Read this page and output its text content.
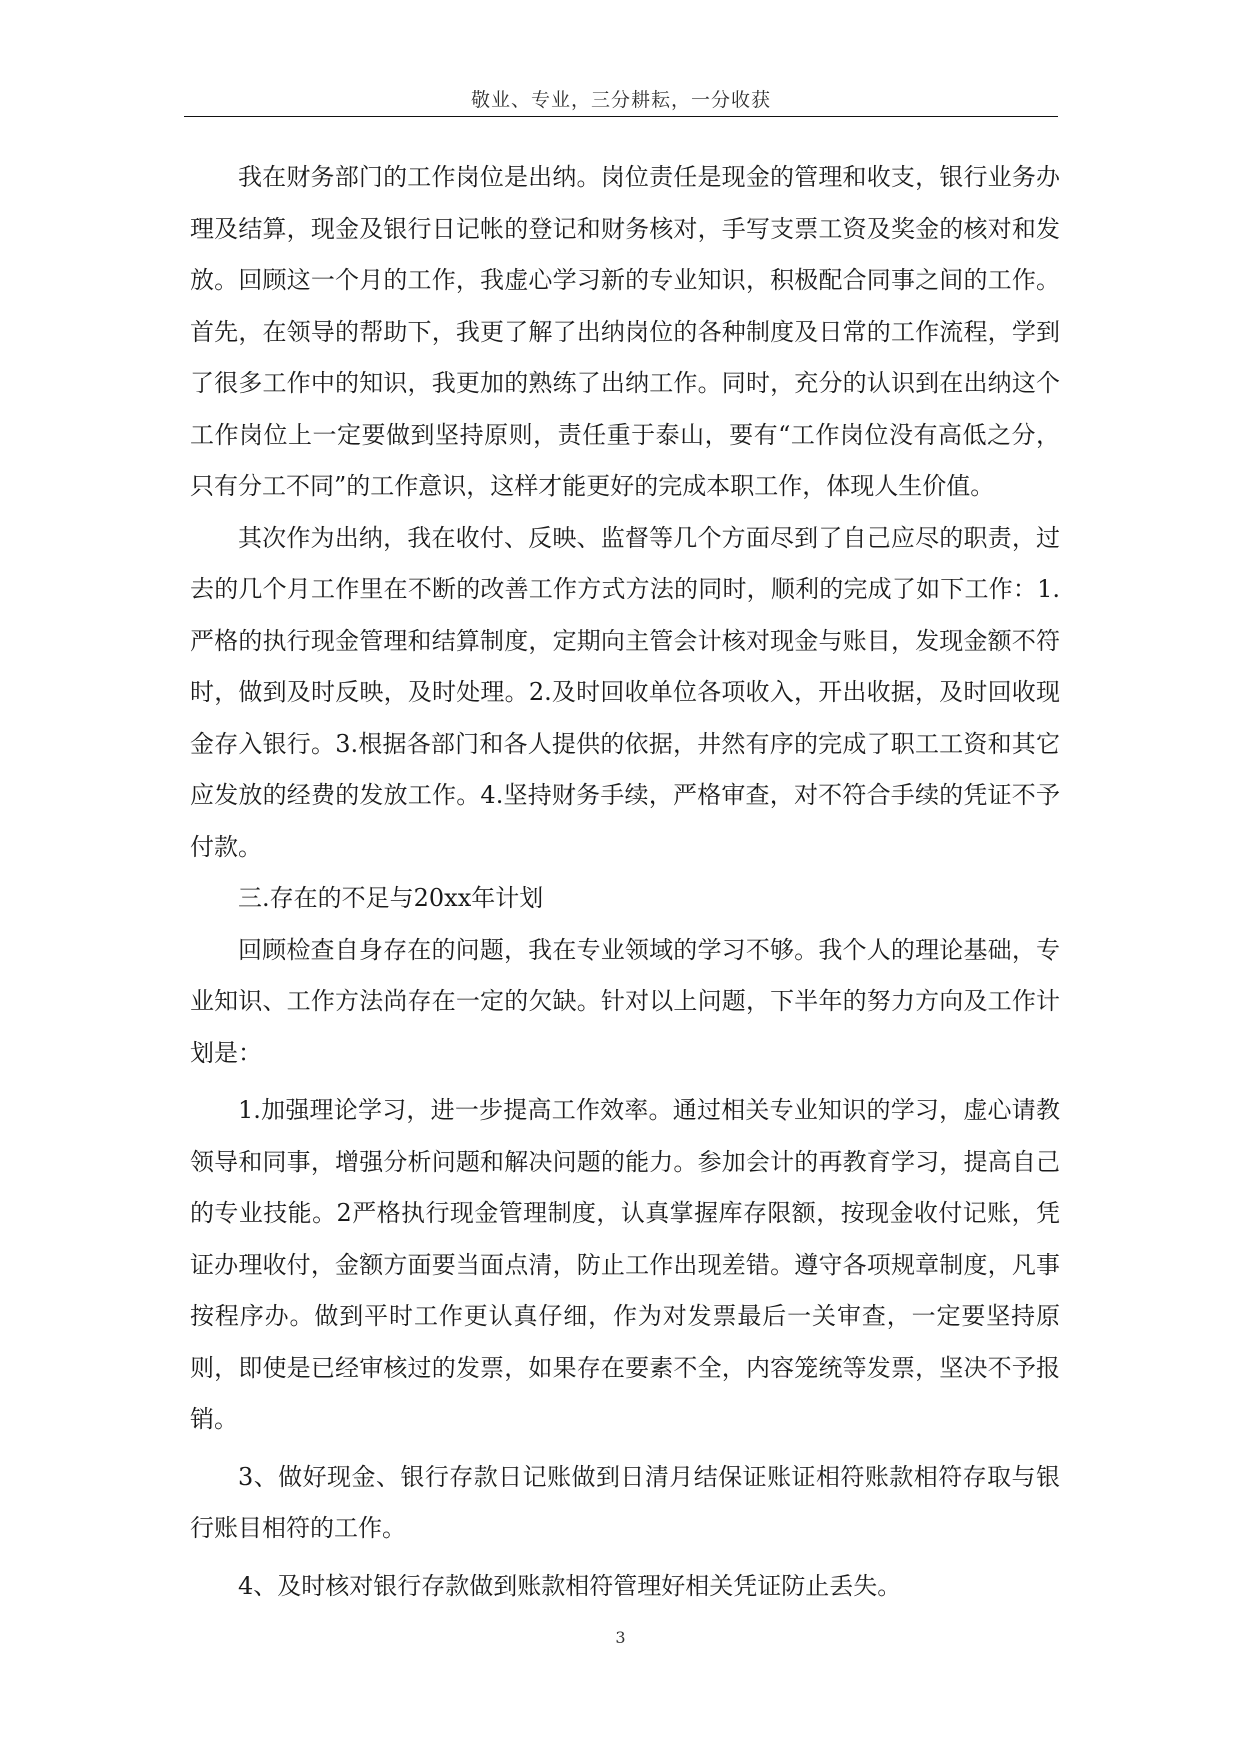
敬业、专业，三分耕耘，一分收获

我在财务部门的工作岗位是出纳。岗位责任是现金的管理和收支，银行业务办理及结算，现金及银行日记帐的登记和财务核对，手写支票工资及奖金的核对和发放。回顾这一个月的工作，我虚心学习新的专业知识，积极配合同事之间的工作。首先，在领导的帮助下，我更了解了出纳岗位的各种制度及日常的工作流程，学到了很多工作中的知识，我更加的熟练了出纳工作。同时，充分的认识到在出纳这个工作岗位上一定要做到坚持原则，责任重于泰山，要有“工作岗位没有高低之分，只有分工不同”的工作意识，这样才能更好的完成本职工作，体现人生价值。

其次作为出纳，我在收付、反映、监督等几个方面尽到了自己应尽的职责，过去的几个月工作里在不断的改善工作方式方法的同时，顺利的完成了如下工作：1.严格的执行现金管理和结算制度，定期向主管会计核对现金与账目，发现金额不符时，做到及时反映，及时处理。2.及时回收单位各项收入，开出收据，及时回收现金存入银行。3.根据各部门和各人提供的依据，井然有序的完成了职工工资和其它应发放的经费的发放工作。4.坚持财务手续，严格审查，对不符合手续的凭证不予付款。

三.存在的不足与20xx年计划

回顾检查自身存在的问题，我在专业领域的学习不够。我个人的理论基础，专业知识、工作方法尚存在一定的欠缺。针对以上问题，下半年的努力方向及工作计划是：

1.加强理论学习，进一步提高工作效率。通过相关专业知识的学习，虚心请教领导和同事，增强分析问题和解决问题的能力。参加会计的再教育学习，提高自己的专业技能。2严格执行现金管理制度，认真掌握库存限额，按现金收付记账，凭证办理收付，金额方面要当面点清，防止工作出现差错。遵守各项规章制度，凡事按程序办。做到平时工作更认真仔细，作为对发票最后一关审查，一定要坚持原则，即使是已经审核过的发票，如果存在要素不全，内容笼统等发票，坚决不予报销。

3、做好现金、银行存款日记账做到日清月结保证账证相符账款相符存取与银行账目相符的工作。

4、及时核对银行存款做到账款相符管理好相关凭证防止丢失。

3
